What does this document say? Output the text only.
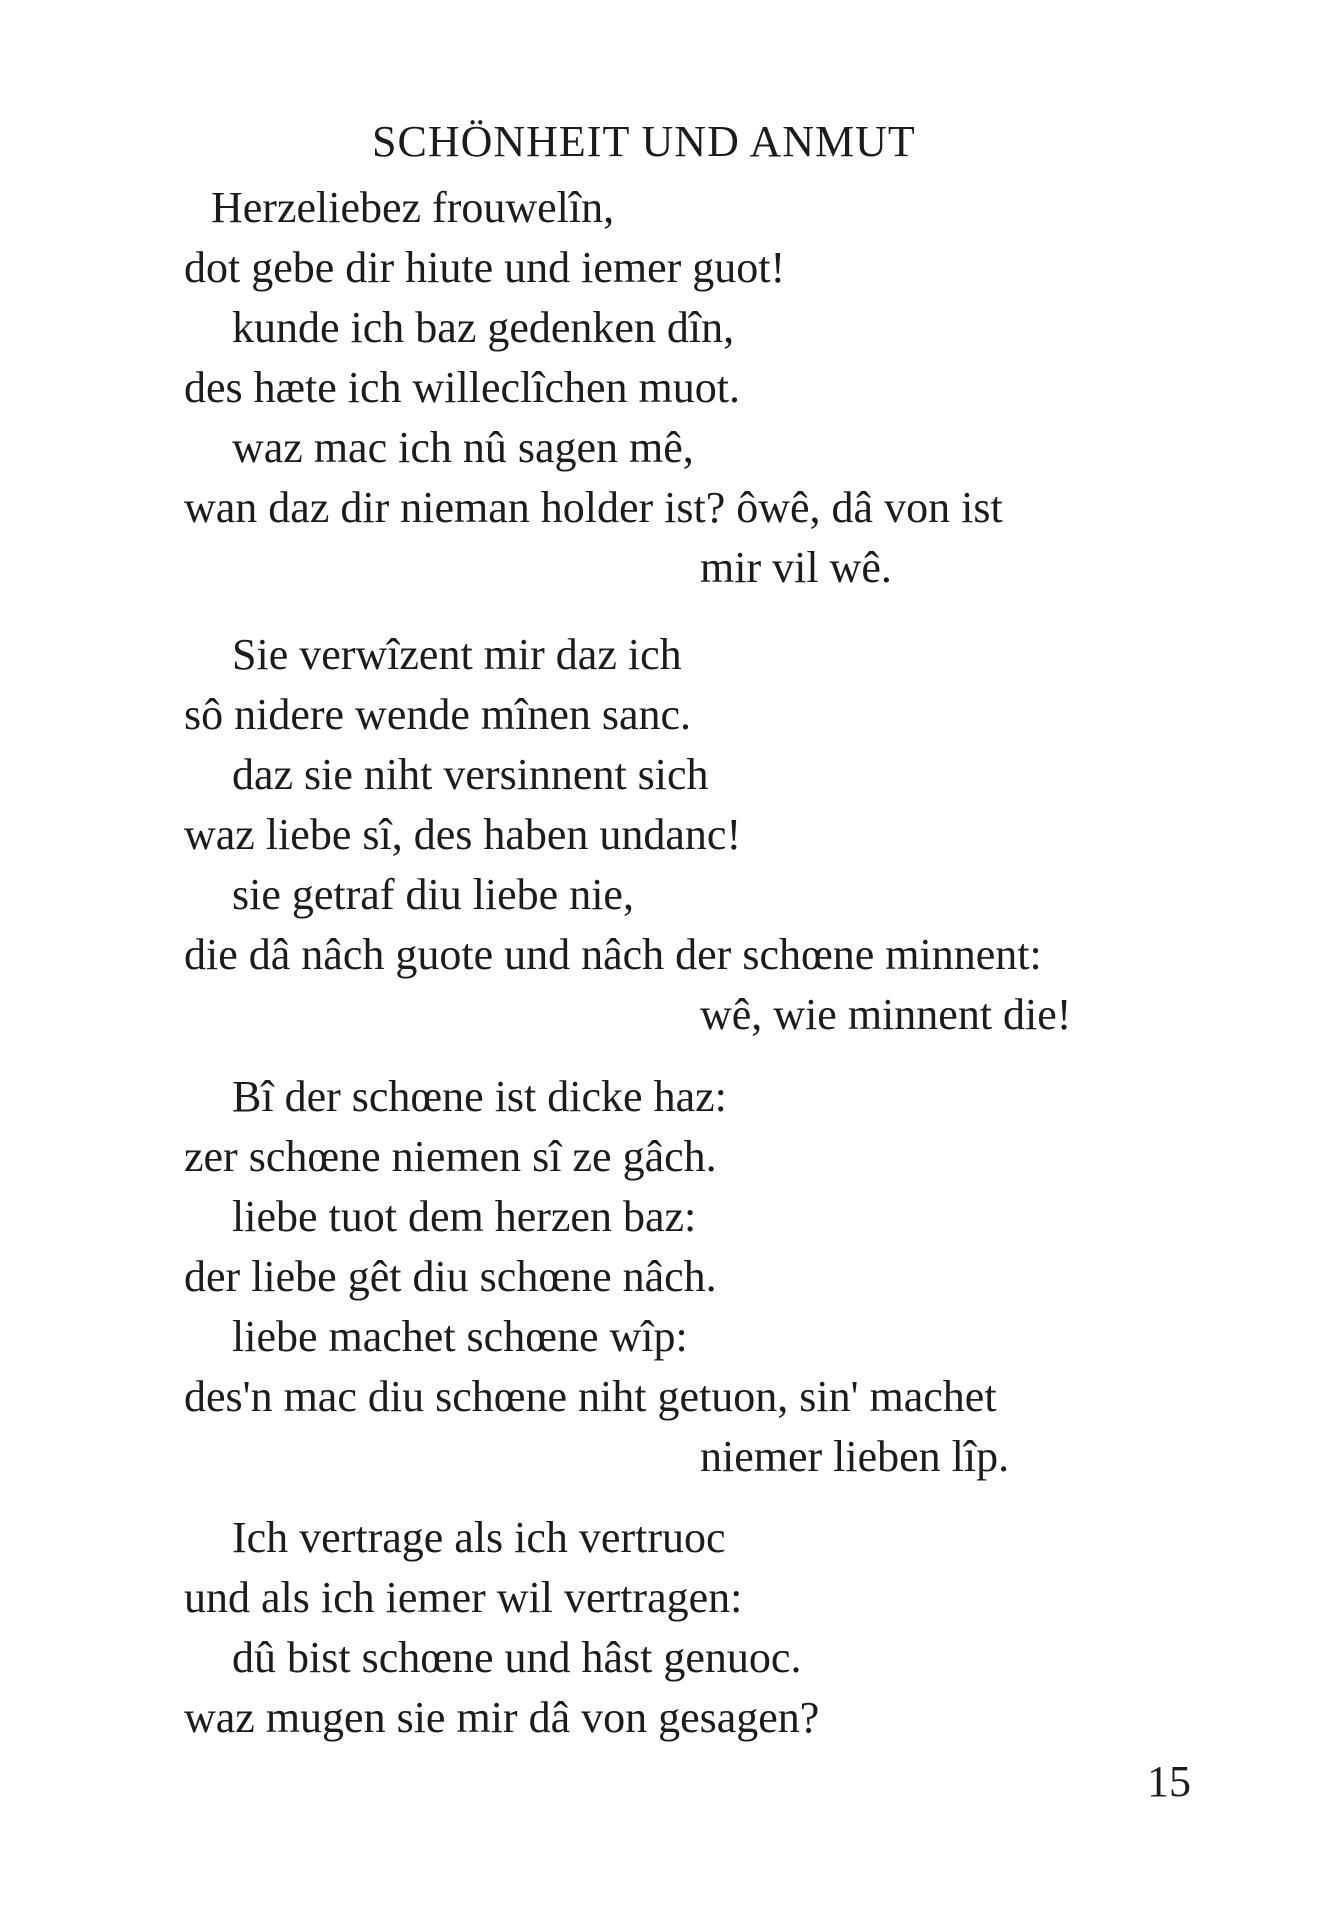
SCHÖNHEIT UND ANMUT
Herzeliebez frouwelîn,
dot gebe dir hiute und iemer guot!
kunde ich baz gedenken dîn,
des hæte ich willeclîchen muot.
waz mac ich nû sagen mê,
wan daz dir nieman holder ist? ôwê, dâ von ist
mir vil wê.
Sie verwîzent mir daz ich
sô nidere wende mînen sanc.
daz sie niht versinnent sich
waz liebe sî, des haben undanc!
sie getraf diu liebe nie,
die dâ nâch guote und nâch der schœne minnent:
wê, wie minnent die!
Bî der schœne ist dicke haz:
zer schœne niemen sî ze gâch.
liebe tuot dem herzen baz:
der liebe gêt diu schœne nâch.
liebe machet schœne wîp:
des'n mac diu schœne niht getuon, sin' machet
niemer lieben lîp.
Ich vertrage als ich vertruoc
und als ich iemer wil vertragen:
dû bist schœne und hâst genuoc.
waz mugen sie mir dâ von gesagen?
15
